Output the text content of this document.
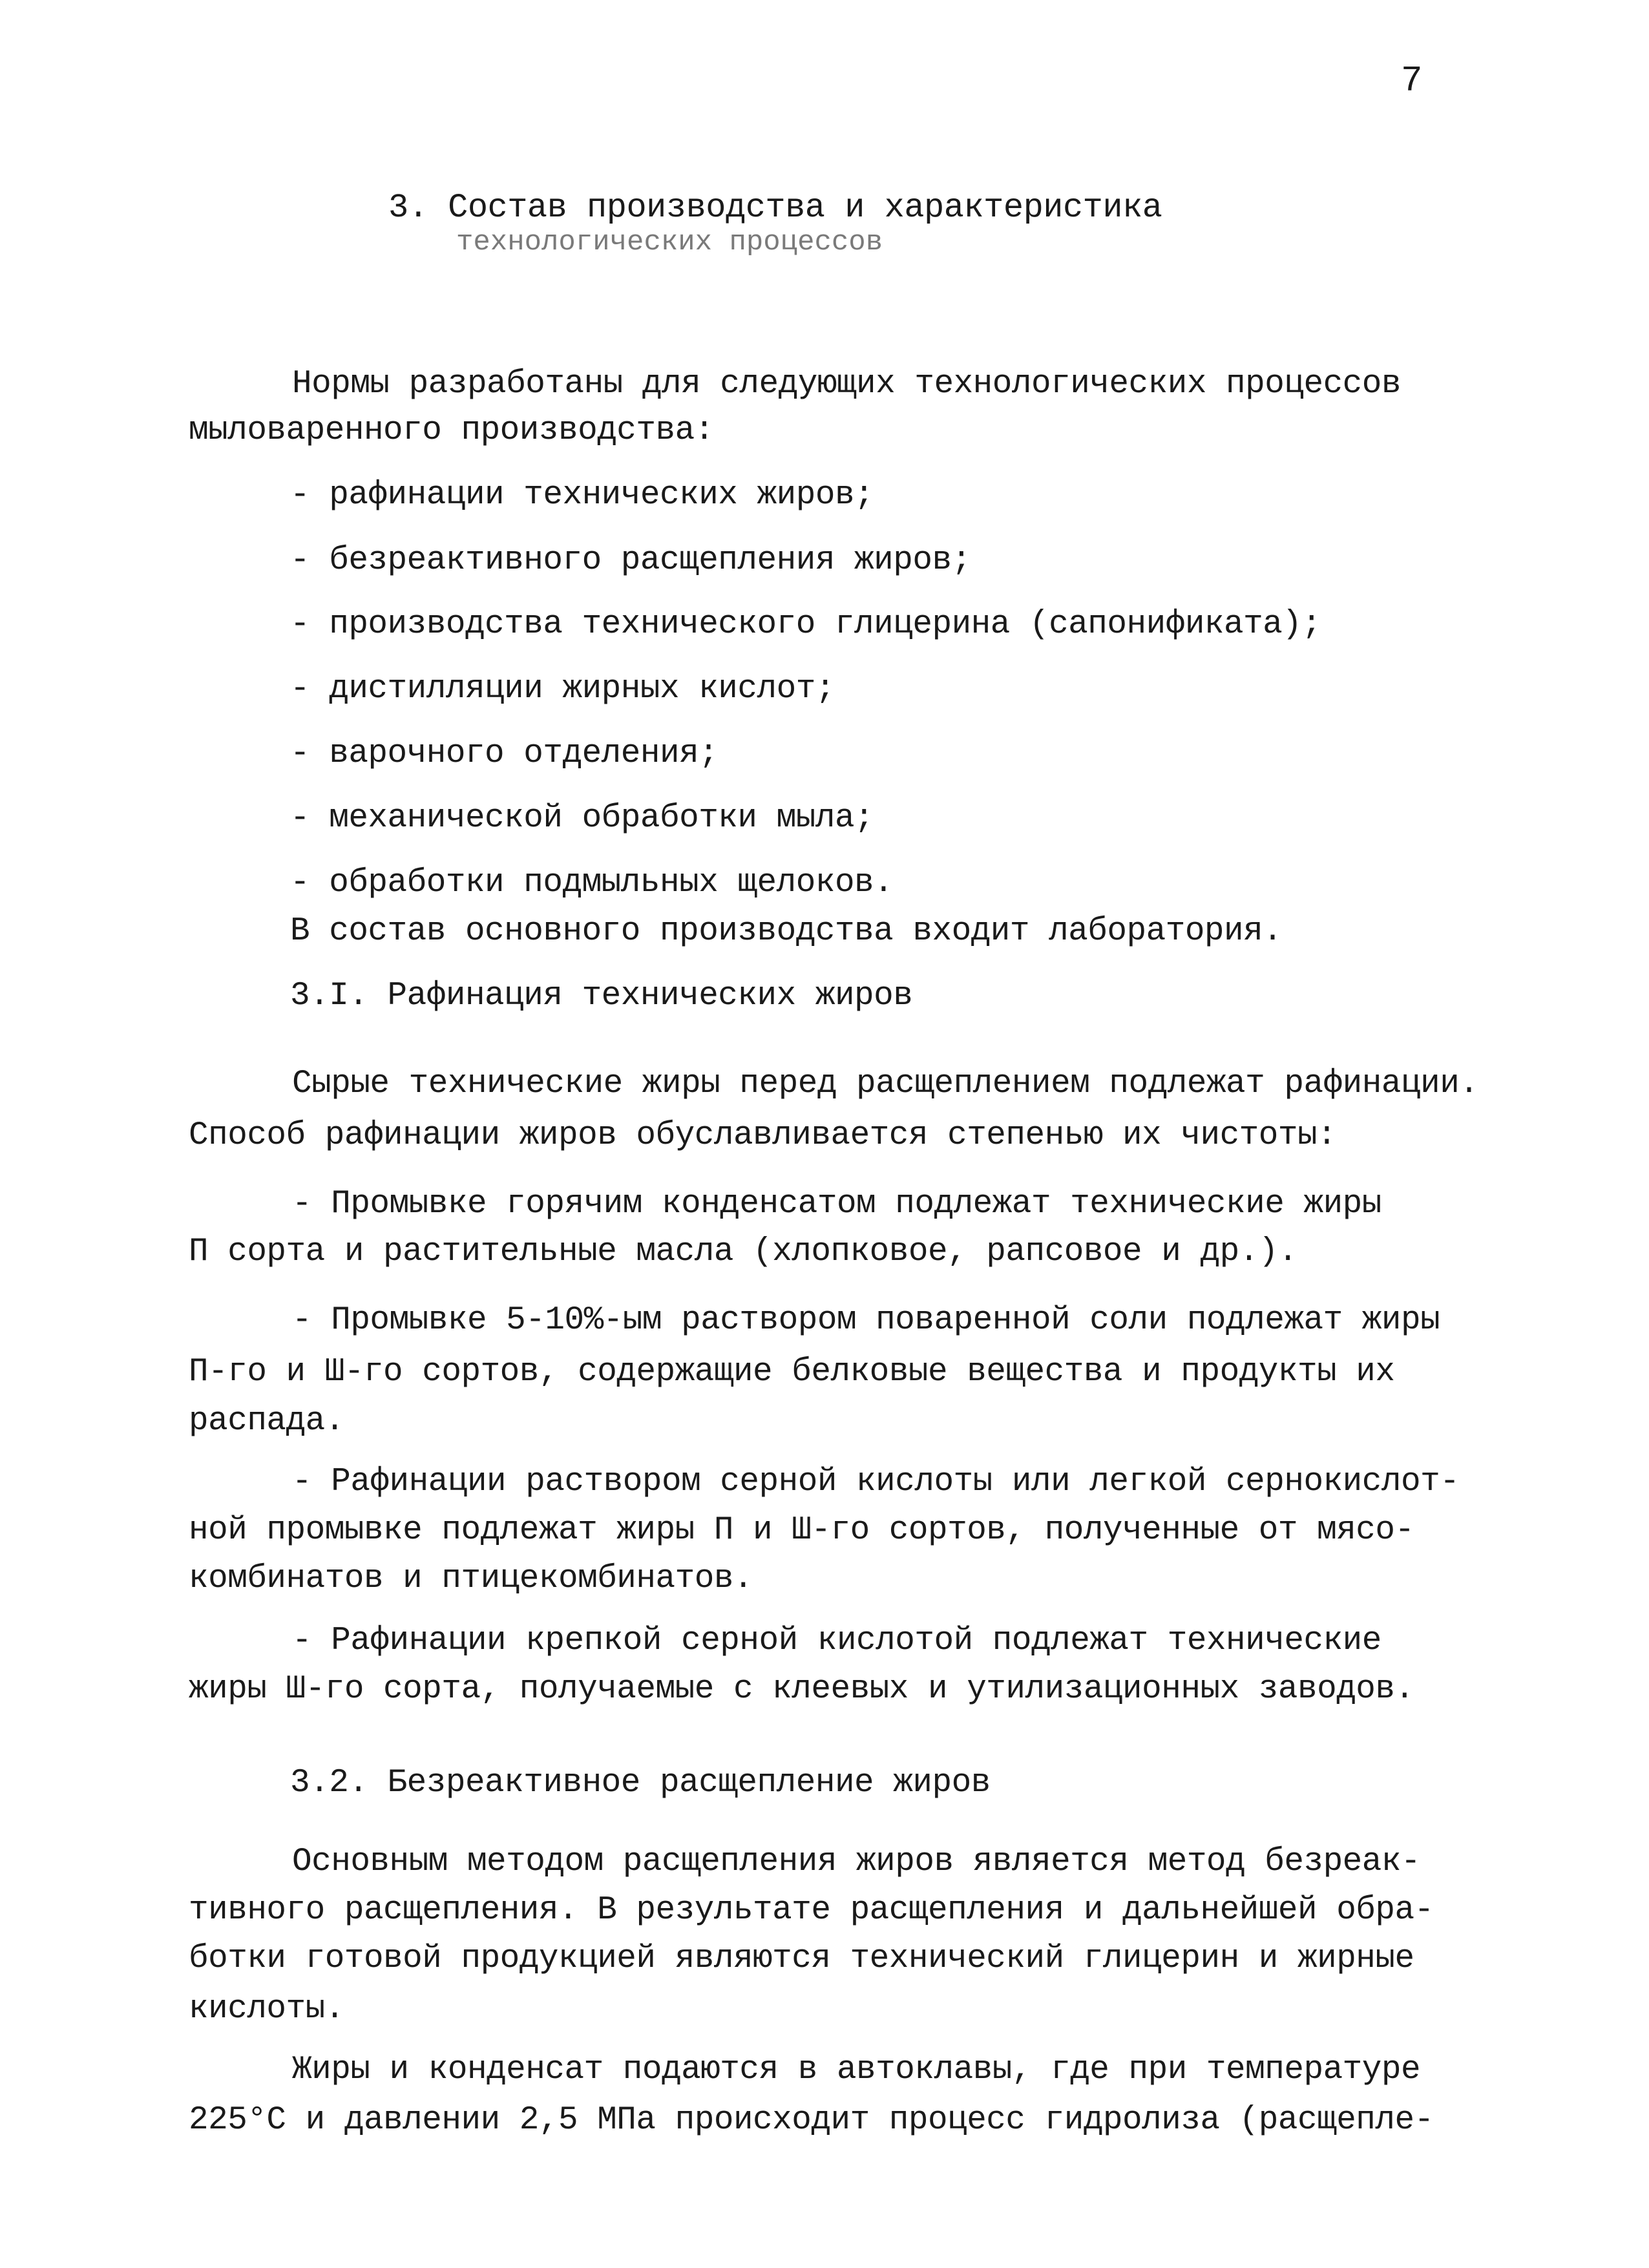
7
3. Состав производства и характеристика
технологических процессов
Нормы разработаны для следующих технологических процессов
мыловаренного производства:
- рафинации технических жиров;
- безреактивного расщепления жиров;
- производства технического глицерина (сапонификата);
- дистилляции жирных кислот;
- варочного отделения;
- механической обработки мыла;
- обработки подмыльных щелоков.
В состав основного производства входит лаборатория.
3.I. Рафинация технических жиров
Сырые технические жиры перед расщеплением подлежат рафинации.
Способ рафинации жиров обуславливается степенью их чистоты:
- Промывке горячим конденсатом подлежат технические жиры
П сорта и растительные масла (хлопковое, рапсовое и др.).
- Промывке 5-10%-ым раствором поваренной соли подлежат жиры
П-го и Ш-го сортов, содержащие белковые вещества и продукты их
распада.
- Рафинации раствором серной кислоты или легкой сернокислот-
ной промывке подлежат жиры П и Ш-го сортов, полученные от мясо-
комбинатов и птицекомбинатов.
- Рафинации крепкой серной кислотой подлежат технические
жиры Ш-го сорта, получаемые с клеевых и утилизационных заводов.
3.2. Безреактивное расщепление жиров
Основным методом расщепления жиров является метод безреак-
тивного расщепления. В результате расщепления и дальнейшей обра-
ботки готовой продукцией являются технический глицерин и жирные
кислоты.
Жиры и конденсат подаются в автоклавы, где при температуре
225°С и давлении 2,5 МПа происходит процесс гидролиза (расщепле-
